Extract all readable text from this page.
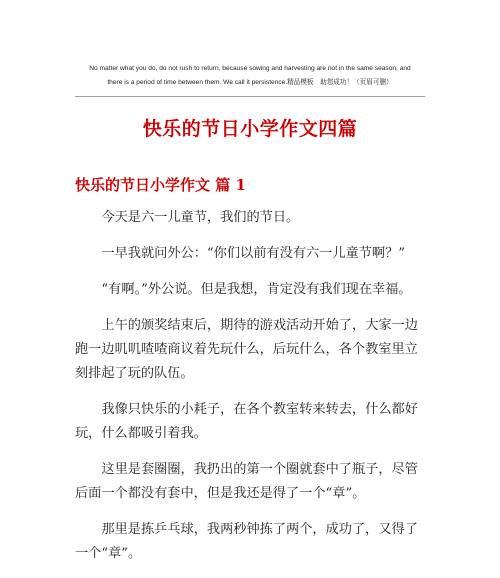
No matter what you do, do not rush to return, because sowing and harvesting are not in the same season, and
there is a period of time between them. We call it persistence.精品模板　助您成功！（页眉可删）
快乐的节日小学作文四篇
快乐的节日小学作文 篇 1

今天是六一儿童节，我们的节日。

一早我就问外公：“你们以前有没有六一儿童节啊？”

“有啊。”外公说。但是我想，肯定没有我们现在幸福。

上午的颁奖结束后，期待的游戏活动开始了，大家一边跑一边叽叽喳喳商议着先玩什么，后玩什么，各个教室里立刻排起了玩的队伍。

我像只快乐的小耗子，在各个教室转来转去，什么都好玩，什么都吸引着我。

这里是套圈圈，我扔出的第一个圈就套中了瓶子，尽管后面一个都没有套中，但是我还是得了一个“章”。

那里是拣乒乓球，我两秒钟拣了两个，成功了，又得了一个“章”。
